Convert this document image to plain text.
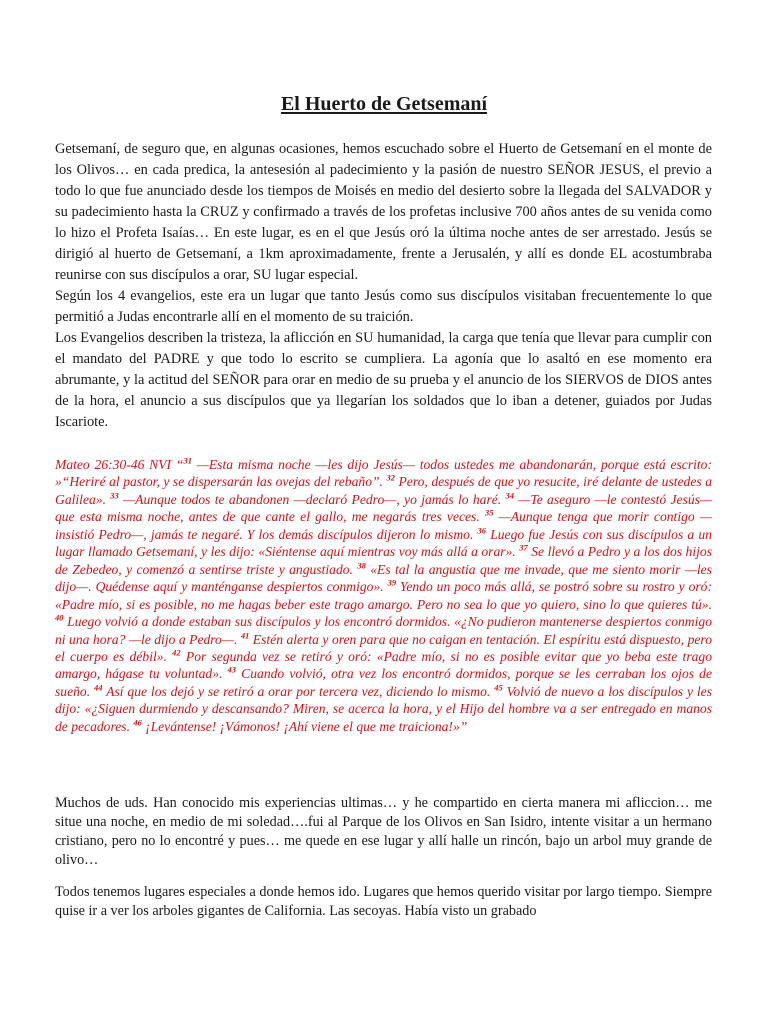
El Huerto de Getsemaní

Getsemaní, de seguro que, en algunas ocasiones, hemos escuchado sobre el Huerto de Getsemaní en el monte de los Olivos… en cada predica, la antesesión al padecimiento y la pasión de nuestro SEÑOR JESUS, el previo a todo lo que fue anunciado desde los tiempos de Moisés en medio del desierto sobre la llegada del SALVADOR y su padecimiento hasta la CRUZ y confirmado a través de los profetas inclusive 700 años antes de su venida como lo hizo el Profeta Isaías… En este lugar, es en el que Jesús oró la última noche antes de ser arrestado. Jesús se dirigió al huerto de Getsemaní, a 1km aproximadamente, frente a Jerusalén, y allí es donde EL acostumbraba reunirse con sus discípulos a orar, SU lugar especial.

Según los 4 evangelios, este era un lugar que tanto Jesús como sus discípulos visitaban frecuentemente lo que permitió a Judas encontrarle allí en el momento de su traición.

Los Evangelios describen la tristeza, la aflicción en SU humanidad, la carga que tenía que llevar para cumplir con el mandato del PADRE y que todo lo escrito se cumpliera. La agonía que lo asaltó en ese momento era abrumante, y la actitud del SEÑOR para orar en medio de su prueba y el anuncio de los SIERVOS de DIOS antes de la hora, el anuncio a sus discípulos que ya llegarían los soldados que lo iban a detener, guiados por Judas Iscariote.

Mateo 26:30-46 NVI “$^{31}$ —Esta misma noche —les dijo Jesús— todos ustedes me abandonarán, porque está escrito: »“Heriré al pastor, y se dispersarán las ovejas del rebaño”. $^{32}$ Pero, después de que yo resucite, iré delante de ustedes a Galilea». $^{33}$ —Aunque todos te abandonen —declaró Pedro—, yo jamás lo haré. $^{34}$ —Te aseguro —le contestó Jesús— que esta misma noche, antes de que cante el gallo, me negarás tres veces. $^{35}$ —Aunque tenga que morir contigo —insistió Pedro—, jamás te negaré. Y los demás discípulos dijeron lo mismo. $^{36}$ Luego fue Jesús con sus discípulos a un lugar llamado Getsemaní, y les dijo: «Siéntense aquí mientras voy más allá a orar». $^{37}$ Se llevó a Pedro y a los dos hijos de Zebedeo, y comenzó a sentirse triste y angustiado. $^{38}$ «Es tal la angustia que me invade, que me siento morir —les dijo—. Quédense aquí y manténganse despiertos conmigo». $^{39}$ Yendo un poco más allá, se postró sobre su rostro y oró: «Padre mío, si es posible, no me hagas beber este trago amargo. Pero no sea lo que yo quiero, sino lo que quieres tú». $^{40}$ Luego volvió a donde estaban sus discípulos y los encontró dormidos. «¿No pudieron mantenerse despiertos conmigo ni una hora? —le dijo a Pedro—. $^{41}$ Estén alerta y oren para que no caigan en tentación. El espíritu está dispuesto, pero el cuerpo es débil». $^{42}$ Por segunda vez se retiró y oró: «Padre mío, si no es posible evitar que yo beba este trago amargo, hágase tu voluntad». $^{43}$ Cuando volvió, otra vez los encontró dormidos, porque se les cerraban los ojos de sueño. $^{44}$ Así que los dejó y se retiró a orar por tercera vez, diciendo lo mismo. $^{45}$ Volvió de nuevo a los discípulos y les dijo: «¿Siguen durmiendo y descansando? Miren, se acerca la hora, y el Hijo del hombre va a ser entregado en manos de pecadores. $^{46}$ ¡Levántense! ¡Vámonos! ¡Ahí viene el que me traiciona!»”
Muchos de uds. Han conocido mis experiencias ultimas… y he compartido en cierta manera mi afliccion… me situe una noche, en medio de mi soledad….fui al Parque de los Olivos en San Isidro, intente visitar a un hermano cristiano, pero no lo encontré y pues… me quede en ese lugar y allí halle un rincón, bajo un arbol muy grande de olivo…
Todos tenemos lugares especiales a donde hemos ido. Lugares que hemos querido visitar por largo tiempo. Siempre quise ir a ver los arboles gigantes de California. Las secoyas. Había visto un grabado
